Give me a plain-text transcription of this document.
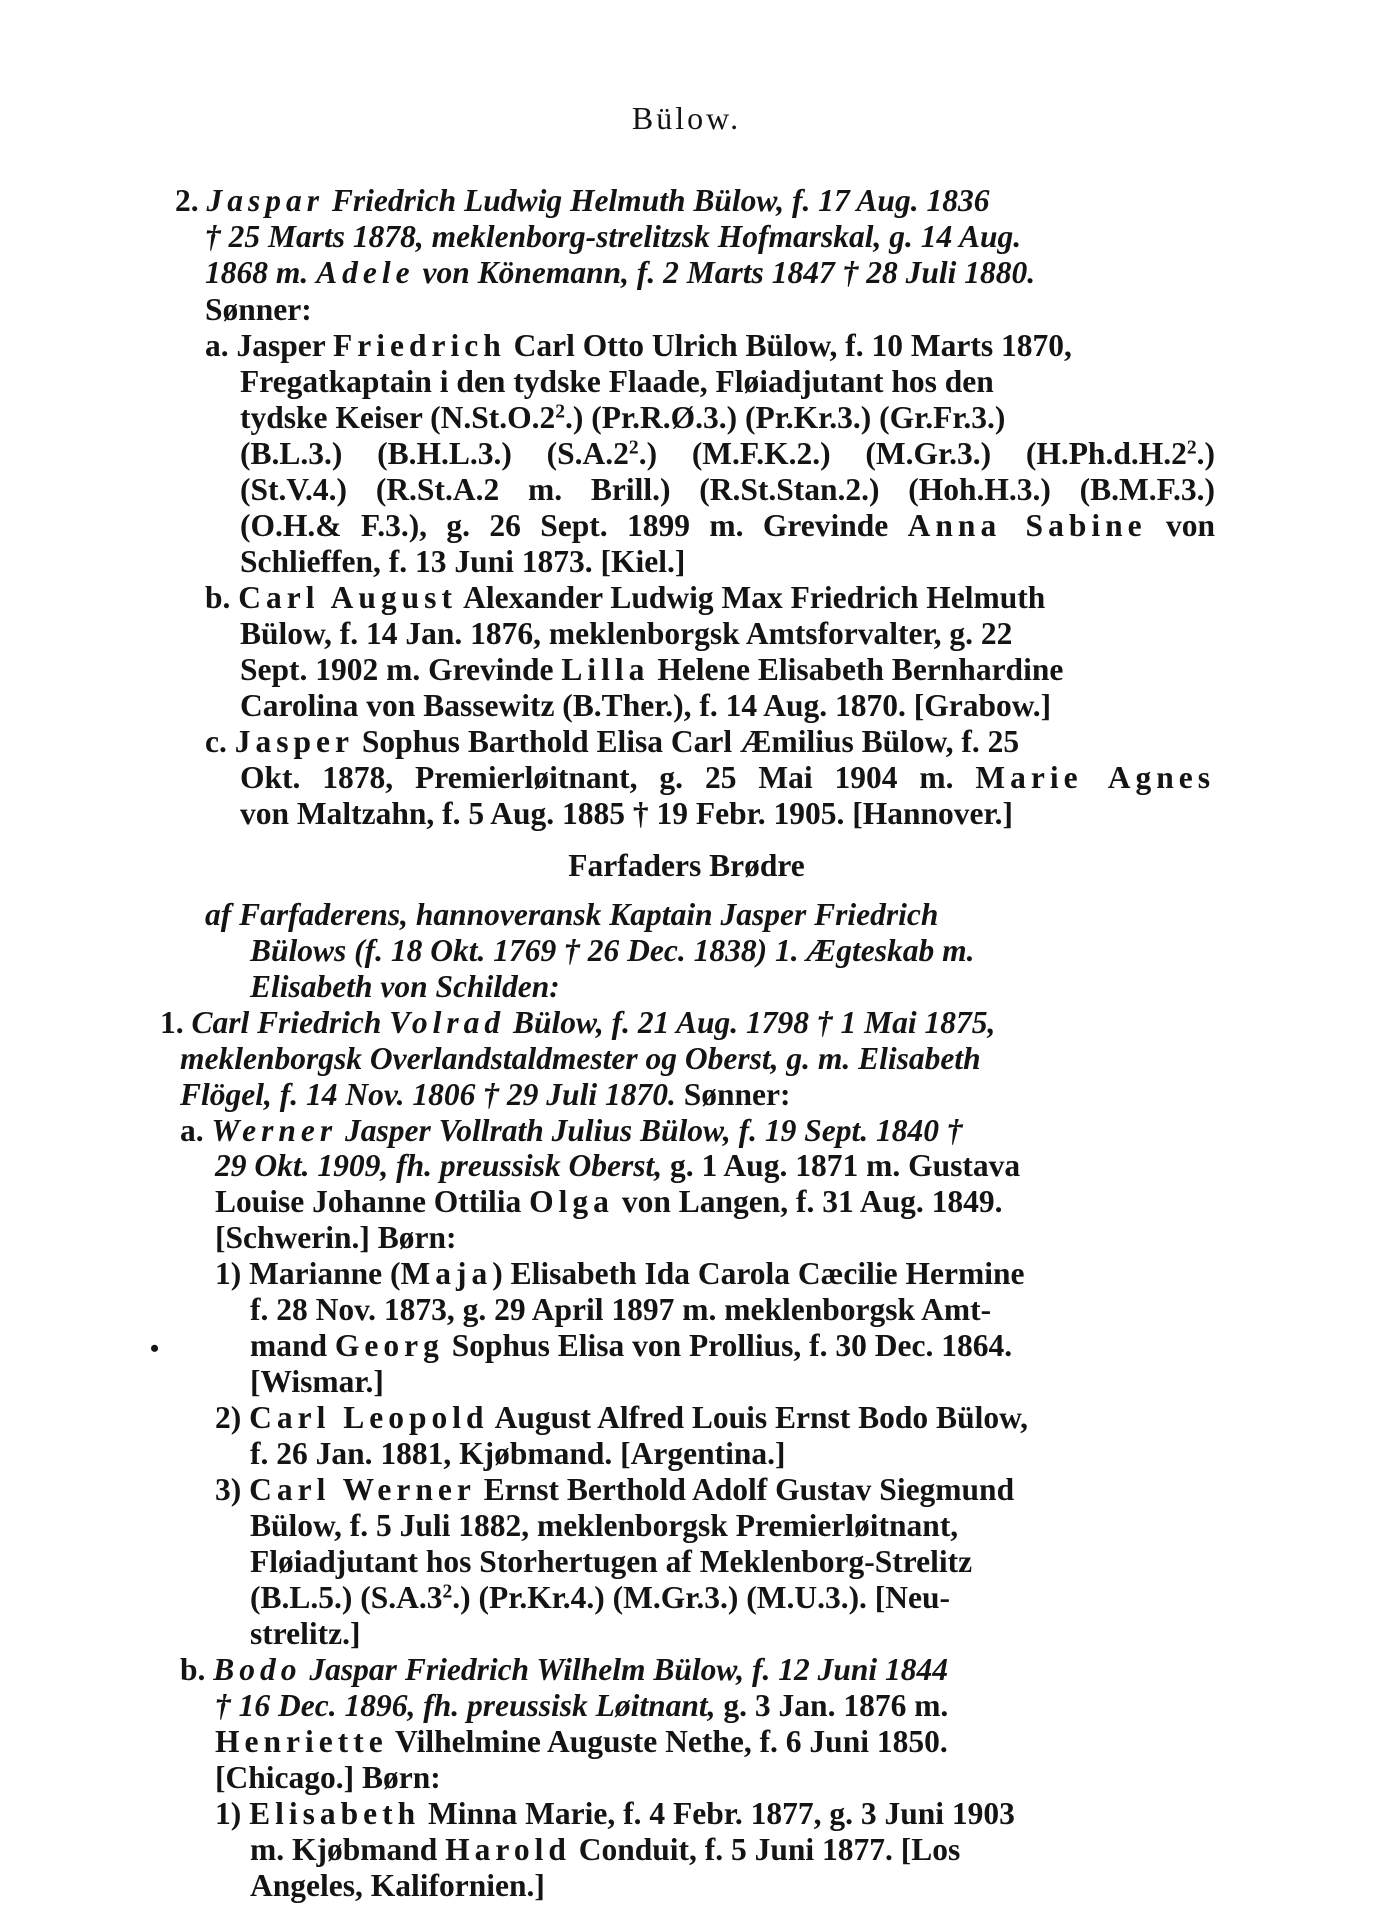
Bülow.
2. Jaspar Friedrich Ludwig Helmuth Bülow, f. 17 Aug. 1836
† 25 Marts 1878, meklenborg-strelitzsk Hofmarskal, g. 14 Aug.
1868 m. Adele von Könemann, f. 2 Marts 1847 † 28 Juli 1880.
Sønner:
a. Jasper Friedrich Carl Otto Ulrich Bülow, f. 10 Marts 1870,
Fregatkaptain i den tydske Flaade, Fløiadjutant hos den
tydske Keiser $(N.St.O.2^2.)$ (Pr.R.Ø.3.) (Pr.Kr.3.) (Gr.Fr.3.)
(B.L.3.) (B.H.L.3.) $(S.A.2^2.)$ (M.F.K.2.) (M.Gr.3.) $(H.Ph.d.H.2^2.)$
(St.V.4.) (R.St.A.2 m. Brill.) (R.St.Stan.2.) (Hoh.H.3.) (B.M.F.3.)
(O.H.& F.3.), g. 26 Sept. 1899 m. Grevinde Anna Sabine von
Schlieffen, f. 13 Juni 1873. [Kiel.]
b. Carl August Alexander Ludwig Max Friedrich Helmuth
Bülow, f. 14 Jan. 1876, meklenborgsk Amtsforvalter, g. 22
Sept. 1902 m. Grevinde Lilla Helene Elisabeth Bernhardine
Carolina von Bassewitz (B.Ther.), f. 14 Aug. 1870. [Grabow.]
c. Jasper Sophus Barthold Elisa Carl Æmilius Bülow, f. 25
Okt. 1878, Premierløitnant, g. 25 Mai 1904 m. Marie Agnes
von Maltzahn, f. 5 Aug. 1885 † 19 Febr. 1905. [Hannover.]
Farfaders Brødre
af Farfaderens, hannoveransk Kaptain Jasper Friedrich
Bülows (f. 18 Okt. 1769 † 26 Dec. 1838) 1. Ægteskab m.
Elisabeth von Schilden:
1. Carl Friedrich Volrad Bülow, f. 21 Aug. 1798 † 1 Mai 1875,
meklenborgsk Overlandstaldmester og Oberst, g. m. Elisabeth
Flögel, f. 14 Nov. 1806 † 29 Juli 1870. Sønner:
a. Werner Jasper Vollrath Julius Bülow, f. 19 Sept. 1840 †
29 Okt. 1909, fh. preussisk Oberst, g. 1 Aug. 1871 m. Gustava
Louise Johanne Ottilia Olga von Langen, f. 31 Aug. 1849.
[Schwerin.] Børn:
1) Marianne (Maja) Elisabeth Ida Carola Cæcilie Hermine
f. 28 Nov. 1873, g. 29 April 1897 m. meklenborgsk Amt-
mand Georg Sophus Elisa von Prollius, f. 30 Dec. 1864.
[Wismar.]
2) Carl Leopold August Alfred Louis Ernst Bodo Bülow,
f. 26 Jan. 1881, Kjøbmand. [Argentina.]
3) Carl Werner Ernst Berthold Adolf Gustav Siegmund
Bülow, f. 5 Juli 1882, meklenborgsk Premierløitnant,
Fløiadjutant hos Storhertugen af Meklenborg-Strelitz
(B.L.5.) $(S.A.3^2.)$ (Pr.Kr.4.) (M.Gr.3.) (M.U.3.). [Neu-
strelitz.]
b. Bodo Jaspar Friedrich Wilhelm Bülow, f. 12 Juni 1844
† 16 Dec. 1896, fh. preussisk Løitnant, g. 3 Jan. 1876 m.
Henriette Vilhelmine Auguste Nethe, f. 6 Juni 1850.
[Chicago.] Børn:
1) Elisabeth Minna Marie, f. 4 Febr. 1877, g. 3 Juni 1903
m. Kjøbmand Harold Conduit, f. 5 Juni 1877. [Los
Angeles, Kalifornien.]
•
